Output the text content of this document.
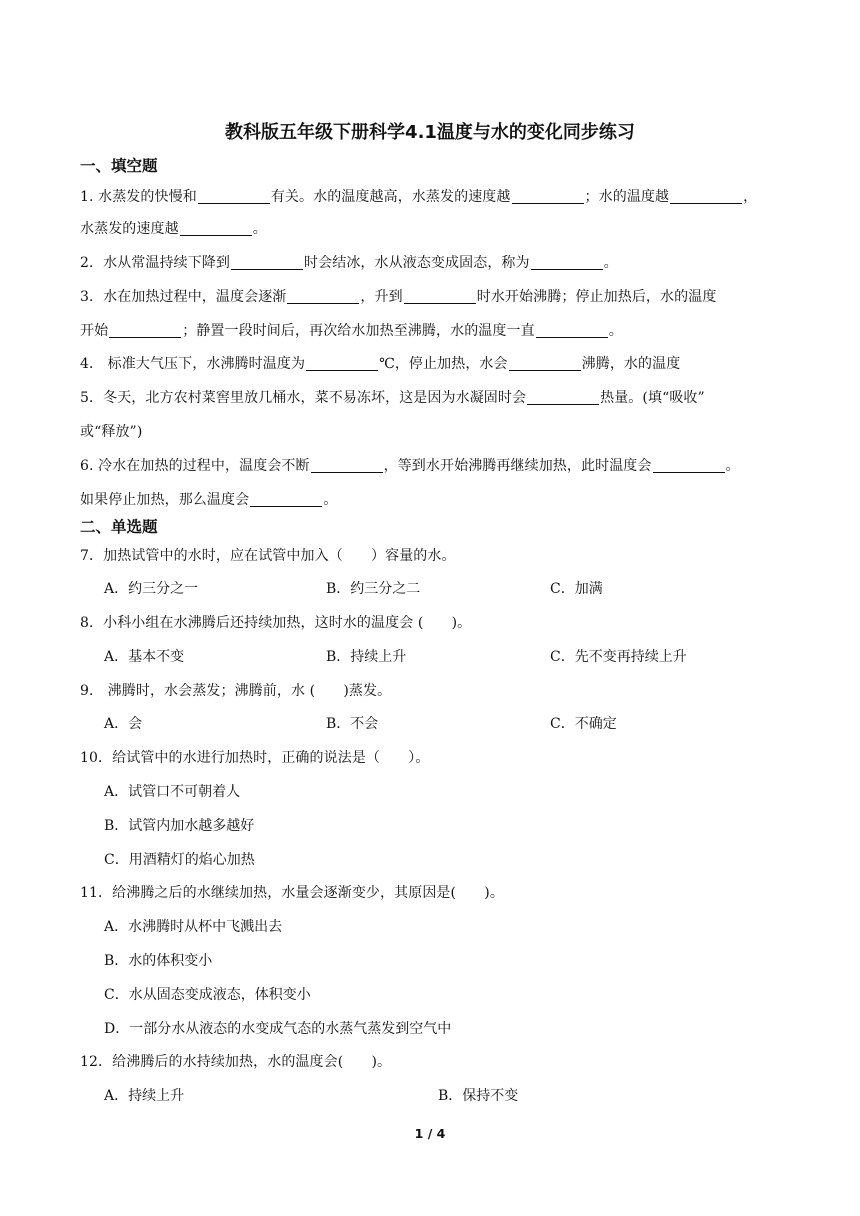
教科版五年级下册科学4.1温度与水的变化同步练习
一、填空题
1. 水蒸发的快慢和	有关。水的温度越高，水蒸发的速度越	；水的温度越	，
水蒸发的速度越	。
2．水从常温持续下降到	时会结冰，水从液态变成固态，称为	。
3．水在加热过程中，温度会逐渐	，升到	时水开始沸腾；停止加热后，水的温度
开始	；静置一段时间后，再次给水加热至沸腾，水的温度一直	。
4． 标准大气压下，水沸腾时温度为	℃，停止加热，水会	沸腾，水的温度
5．冬天，北方农村菜窖里放几桶水，菜不易冻坏，这是因为水凝固时会	热量。(填“吸收”
或“释放”)
6. 冷水在加热的过程中，温度会不断	，等到水开始沸腾再继续加热，此时温度会	。
如果停止加热，那么温度会	。
二、单选题
7．加热试管中的水时，应在试管中加入（　　）容量的水。
A．约三分之一	B．约三分之二	C．加满
8．小科小组在水沸腾后还持续加热，这时水的温度会 (　　)。
A．基本不变	B．持续上升	C．先不变再持续上升
9． 沸腾时，水会蒸发；沸腾前，水 (　　)蒸发。
A．会	B．不会	C．不确定
10．给试管中的水进行加热时，正确的说法是（　　）。
A．试管口不可朝着人
B．试管内加水越多越好
C．用酒精灯的焰心加热
11．给沸腾之后的水继续加热，水量会逐渐变少，其原因是(　　)。
A．水沸腾时从杯中飞溅出去
B．水的体积变小
C．水从固态变成液态，体积变小
D．一部分水从液态的水变成气态的水蒸气蒸发到空气中
12．给沸腾后的水持续加热，水的温度会(　　)。
A．持续上升	B．保持不变
1 / 4
